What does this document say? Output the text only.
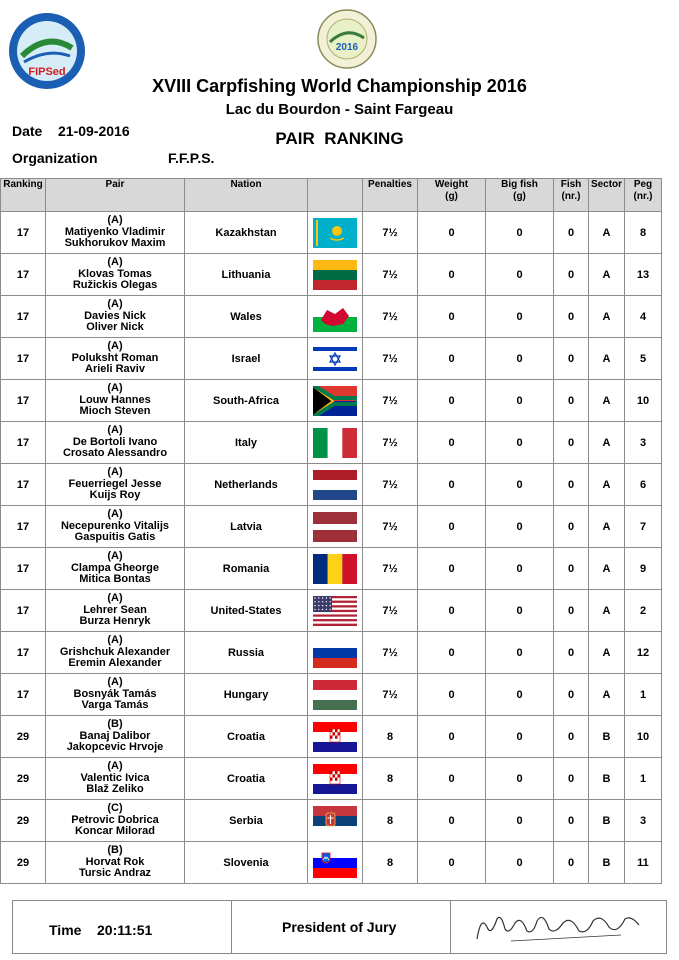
FIPSed
2016
XVIII Carpfishing World Championship 2016
Lac du Bourdon - Saint Fargeau
PAIR  RANKING
Date 21-09-2016
Organization	F.F.P.S.
Ranking	Pair	Nation		Penalties	Weight
(g)	Big fish
(g)	Fish
(nr.)	Sector	Peg
(nr.)
17	(A)
Matiyenko Vladimir
Sukhorukov Maxim	Kazakhstan		7½	0	0	0	A	8
17	(A)
Klovas Tomas
Ružickis Olegas	Lithuania		7½	0	0	0	A	13
17	(A)
Davies Nick
Oliver Nick	Wales		7½	0	0	0	A	4
17	(A)
Poluksht Roman
Arieli Raviv	Israel		7½	0	0	0	A	5
17	(A)
Louw Hannes
Mioch Steven	South-Africa		7½	0	0	0	A	10
17	(A)
De Bortoli Ivano
Crosato Alessandro	Italy		7½	0	0	0	A	3
17	(A)
Feuerriegel Jesse
Kuijs Roy	Netherlands		7½	0	0	0	A	6
17	(A)
Necepurenko Vitalijs
Gaspuitis Gatis	Latvia		7½	0	0	0	A	7
17	(A)
Clampa Gheorge
Mitica Bontas	Romania		7½	0	0	0	A	9
17	(A)
Lehrer Sean
Burza Henryk	United-States		7½	0	0	0	A	2
17	(A)
Grishchuk Alexander
Eremin Alexander	Russia		7½	0	0	0	A	12
17	(A)
Bosnyák Tamás
Varga Tamás	Hungary		7½	0	0	0	A	1
29	(B)
Banaj Dalibor
Jakopcevic Hrvoje	Croatia		8	0	0	0	B	10
29	(A)
Valentic Ivica
Blaž Zeliko	Croatia		8	0	0	0	B	1
29	(C)
Petrovic Dobrica
Koncar Milorad	Serbia		8	0	0	0	B	3
29	(B)
Horvat Rok
Tursic Andraz	Slovenia		8	0	0	0	B	11
Time 20:11:51	President of Jury
